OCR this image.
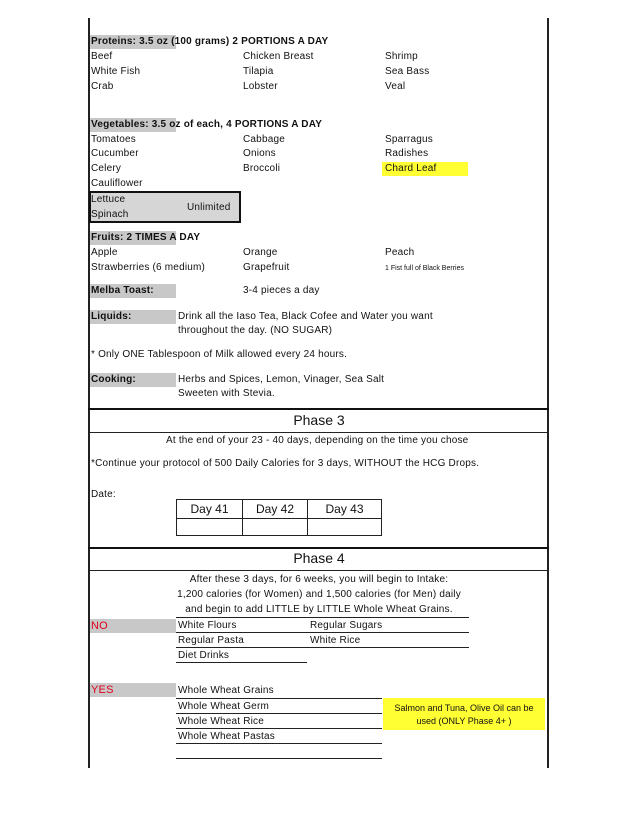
Proteins: 3.5 oz (100 grams) 2 PORTIONS A DAY
Beef	Chicken Breast	Shrimp
White Fish	Tilapia	Sea Bass
Crab	Lobster	Veal
Vegetables: 3.5 oz of each, 4 PORTIONS A DAY
Tomatoes	Cabbage	Sparragus
Cucumber	Onions	Radishes
Celery	Broccoli	Chard Leaf
Cauliflower
Lettuce
Spinach
Unlimited
Fruits: 2 TIMES A DAY
Apple	Orange	Peach
Strawberries (6 medium)	Grapefruit	1 Fist full of Black Berries
Melba Toast:	3-4 pieces a day
Liquids:	Drink all the Iaso Tea, Black Cofee and Water you want
throughout the day. (NO SUGAR)
* Only ONE Tablespoon of Milk allowed every 24 hours.
Cooking:	Herbs and Spices, Lemon, Vinager, Sea Salt
Sweeten with Stevia.
Phase 3
At the end of your 23 - 40 days, depending on the time you chose
*Continue your protocol of 500 Daily Calories for 3 days, WITHOUT the HCG Drops.
Date:
Day 41	Day 42	Day 43
Phase 4
After these 3 days, for 6 weeks, you will begin to Intake:
1,200 calories (for Women) and 1,500 calories (for Men) daily
and begin to add LITTLE by LITTLE Whole Wheat Grains.
NO	White Flours	Regular Sugars
Regular Pasta	White Rice
Diet Drinks
YES	Whole Wheat Grains
Whole Wheat Germ
Whole Wheat Rice
Whole Wheat Pastas
Salmon and Tuna, Olive Oil can be
used (ONLY Phase 4+ )
